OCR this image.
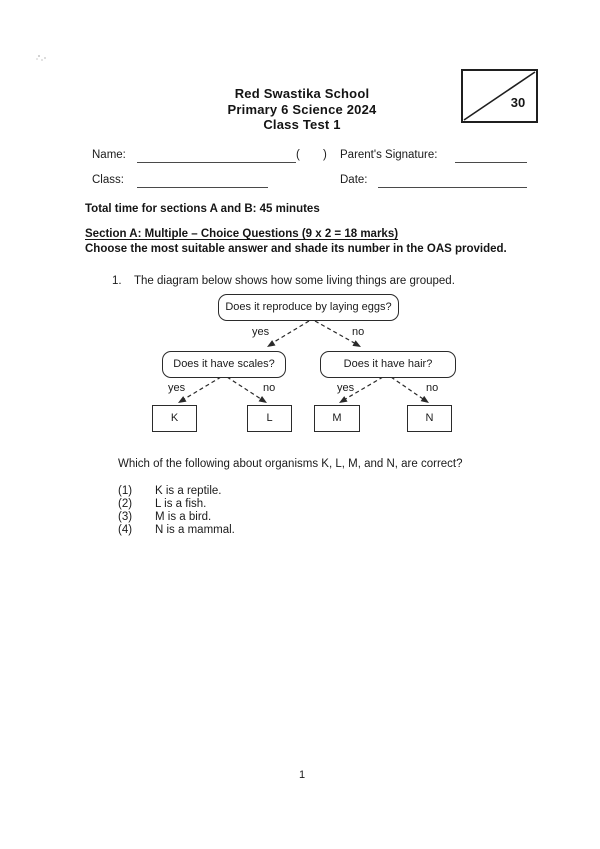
30
Red Swastika School
Primary 6 Science 2024
Class Test 1
Name:	( ) Parent's Signature:
Class:	Date:
Total time for sections A and B: 45 minutes
Section A: Multiple – Choice Questions (9 x 2 = 18 marks)
Choose the most suitable answer and shade its number in the OAS provided.
1. The diagram below shows how some living things are grouped.
Does it reproduce by laying eggs?
yes	no
Does it have scales?	Does it have hair?
yes	no	yes	no
K	L	M	N
Which of the following about organisms K, L, M, and N, are correct?
(1) K is a reptile.
(2) L is a fish.
(3) M is a bird.
(4) N is a mammal.
1
